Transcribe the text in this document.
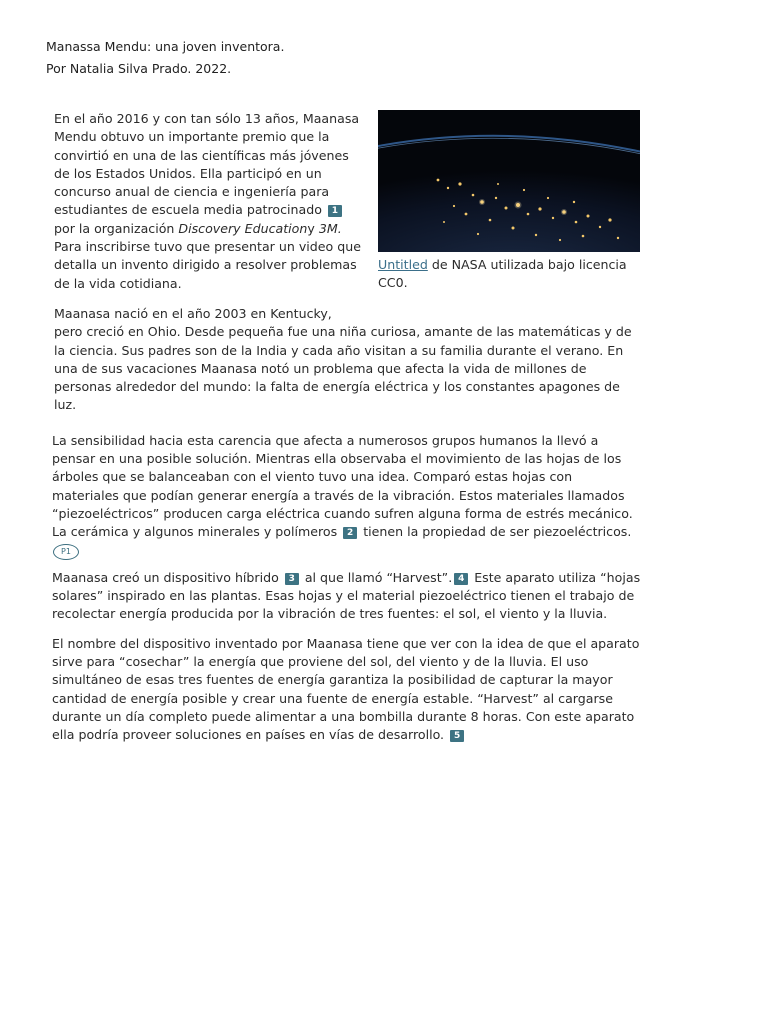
Manassa Mendu: una joven inventora.
Por Natalia Silva Prado. 2022.
En el año 2016 y con tan sólo 13 años, Maanasa Mendu obtuvo un importante premio que la convirtió en una de las científicas más jóvenes de los Estados Unidos. Ella participó en un concurso anual de ciencia e ingeniería para estudiantes de escuela media patrocinado 1 por la organización Discovery Educationy 3M. Para inscribirse tuvo que presentar un video que detalla un invento dirigido a resolver problemas de la vida cotidiana.
Untitled de NASA utilizada bajo licencia CC0.

Maanasa nació en el año 2003 en Kentucky,
pero creció en Ohio. Desde pequeña fue una niña curiosa, amante de las matemáticas y de la ciencia. Sus padres son de la India y cada año visitan a su familia durante el verano. En una de sus vacaciones Maanasa notó un problema que afecta la vida de millones de personas alrededor del mundo: la falta de energía eléctrica y los constantes apagones de luz.

La sensibilidad hacia esta carencia que afecta a numerosos grupos humanos la llevó a pensar en una posible solución. Mientras ella observaba el movimiento de las hojas de los árboles que se balanceaban con el viento tuvo una idea. Comparó estas hojas con materiales que podían generar energía a través de la vibración. Estos materiales llamados “piezoeléctricos” producen carga eléctrica cuando sufren alguna forma de estrés mecánico. La cerámica y algunos minerales y polímeros 2 tienen la propiedad de ser piezoeléctricos.P1

Maanasa creó un dispositivo híbrido 3 al que llamó “Harvest”. 4 Este aparato utiliza “hojas solares” inspirado en las plantas. Esas hojas y el material piezoeléctrico tienen el trabajo de recolectar energía producida por la vibración de tres fuentes: el sol, el viento y la lluvia.

El nombre del dispositivo inventado por Maanasa tiene que ver con la idea de que el aparato sirve para “cosechar” la energía que proviene del sol, del viento y de la lluvia. El uso simultáneo de esas tres fuentes de energía garantiza la posibilidad de capturar la mayor cantidad de energía posible y crear una fuente de energía estable. “Harvest” al cargarse durante un día completo puede alimentar a una bombilla durante 8 horas. Con este aparato ella podría proveer soluciones en países en vías de desarrollo. 5
